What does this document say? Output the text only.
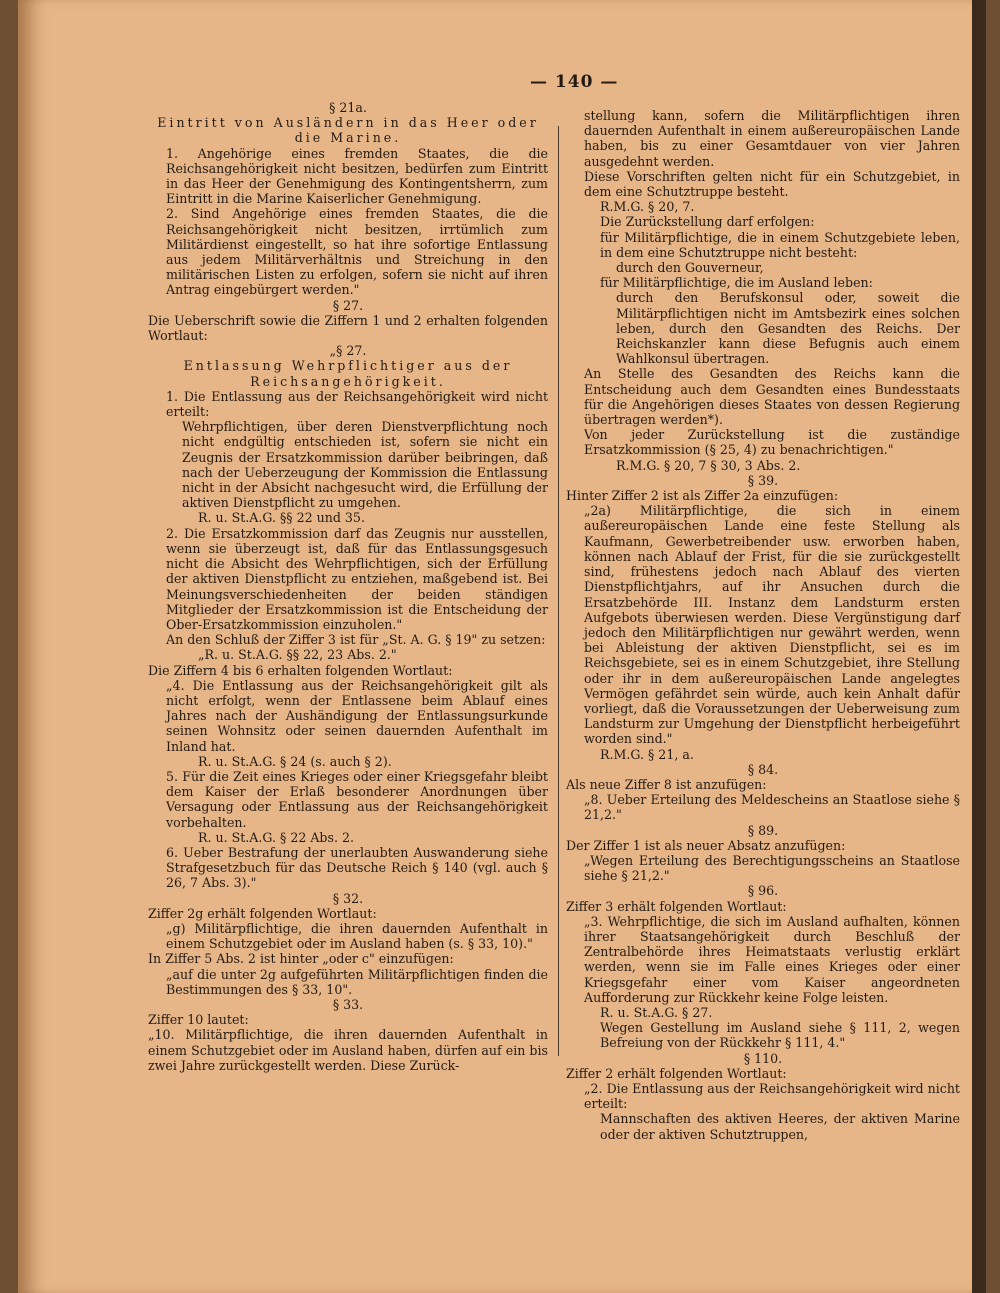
— 140 —

§ 21a.

Eintritt von Ausländern in das Heer oder die Marine.

1. Angehörige eines fremden Staates, die die Reichsangehörigkeit nicht besitzen, bedürfen zum Eintritt in das Heer der Genehmigung des Kontingentsherrn, zum Eintritt in die Marine Kaiserlicher Genehmigung.

2. Sind Angehörige eines fremden Staates, die die Reichsangehörigkeit nicht besitzen, irrtümlich zum Militärdienst eingestellt, so hat ihre sofortige Entlassung aus jedem Militärverhältnis und Streichung in den militärischen Listen zu erfolgen, sofern sie nicht auf ihren Antrag eingebürgert werden."

§ 27.

Die Ueberschrift sowie die Ziffern 1 und 2 erhalten folgenden Wortlaut:

„§ 27.

Entlassung Wehrpflichtiger aus der Reichsangehörigkeit.

1. Die Entlassung aus der Reichsangehörigkeit wird nicht erteilt:

Wehrpflichtigen, über deren Dienstverpflichtung noch nicht endgültig entschieden ist, sofern sie nicht ein Zeugnis der Ersatzkommission darüber beibringen, daß nach der Ueberzeugung der Kommission die Entlassung nicht in der Absicht nachgesucht wird, die Erfüllung der aktiven Dienstpflicht zu umgehen.

R. u. St.A.G. §§ 22 und 35.

2. Die Ersatzkommission darf das Zeugnis nur ausstellen, wenn sie überzeugt ist, daß für das Entlassungsgesuch nicht die Absicht des Wehrpflichtigen, sich der Erfüllung der aktiven Dienstpflicht zu entziehen, maßgebend ist. Bei Meinungsverschiedenheiten der beiden ständigen Mitglieder der Ersatzkommission ist die Entscheidung der Ober-Ersatzkommission einzuholen."

An den Schluß der Ziffer 3 ist für „St. A. G. § 19" zu setzen:

„R. u. St.A.G. §§ 22, 23 Abs. 2."

Die Ziffern 4 bis 6 erhalten folgenden Wortlaut:

„4. Die Entlassung aus der Reichsangehörigkeit gilt als nicht erfolgt, wenn der Entlassene beim Ablauf eines Jahres nach der Aushändigung der Entlassungsurkunde seinen Wohnsitz oder seinen dauernden Aufenthalt im Inland hat.

R. u. St.A.G. § 24 (s. auch § 2).

5. Für die Zeit eines Krieges oder einer Kriegsgefahr bleibt dem Kaiser der Erlaß besonderer Anordnungen über Versagung oder Entlassung aus der Reichsangehörigkeit vorbehalten.

R. u. St.A.G. § 22 Abs. 2.

6. Ueber Bestrafung der unerlaubten Auswanderung siehe Strafgesetzbuch für das Deutsche Reich § 140 (vgl. auch § 26, 7 Abs. 3)."

§ 32.

Ziffer 2g erhält folgenden Wortlaut:

„g) Militärpflichtige, die ihren dauernden Aufenthalt in einem Schutzgebiet oder im Ausland haben (s. § 33, 10)."

In Ziffer 5 Abs. 2 ist hinter „oder c" einzufügen:

„auf die unter 2g aufgeführten Militärpflichtigen finden die Bestimmungen des § 33, 10".

§ 33.

Ziffer 10 lautet:

„10. Militärpflichtige, die ihren dauernden Aufenthalt in einem Schutzgebiet oder im Ausland haben, dürfen auf ein bis zwei Jahre zurückgestellt werden. Diese Zurück-

stellung kann, sofern die Militärpflichtigen ihren dauernden Aufenthalt in einem außereuropäischen Lande haben, bis zu einer Gesamtdauer von vier Jahren ausgedehnt werden.

Diese Vorschriften gelten nicht für ein Schutzgebiet, in dem eine Schutztruppe besteht.

R.M.G. § 20, 7.

Die Zurückstellung darf erfolgen:

für Militärpflichtige, die in einem Schutzgebiete leben, in dem eine Schutztruppe nicht besteht:

durch den Gouverneur,

für Militärpflichtige, die im Ausland leben:

durch den Berufskonsul oder, soweit die Militärpflichtigen nicht im Amtsbezirk eines solchen leben, durch den Gesandten des Reichs. Der Reichskanzler kann diese Befugnis auch einem Wahlkonsul übertragen.

An Stelle des Gesandten des Reichs kann die Entscheidung auch dem Gesandten eines Bundesstaats für die Angehörigen dieses Staates von dessen Regierung übertragen werden*).

Von jeder Zurückstellung ist die zuständige Ersatzkommission (§ 25, 4) zu benachrichtigen."

R.M.G. § 20, 7 § 30, 3 Abs. 2.

§ 39.

Hinter Ziffer 2 ist als Ziffer 2a einzufügen:

„2a) Militärpflichtige, die sich in einem außereuropäischen Lande eine feste Stellung als Kaufmann, Gewerbetreibender usw. erworben haben, können nach Ablauf der Frist, für die sie zurückgestellt sind, frühestens jedoch nach Ablauf des vierten Dienstpflichtjahrs, auf ihr Ansuchen durch die Ersatzbehörde III. Instanz dem Landsturm ersten Aufgebots überwiesen werden. Diese Vergünstigung darf jedoch den Militärpflichtigen nur gewährt werden, wenn bei Ableistung der aktiven Dienstpflicht, sei es im Reichsgebiete, sei es in einem Schutzgebiet, ihre Stellung oder ihr in dem außereuropäischen Lande angelegtes Vermögen gefährdet sein würde, auch kein Anhalt dafür vorliegt, daß die Voraussetzungen der Ueberweisung zum Landsturm zur Umgehung der Dienstpflicht herbeigeführt worden sind."

R.M.G. § 21, a.

§ 84.

Als neue Ziffer 8 ist anzufügen:

„8. Ueber Erteilung des Meldescheins an Staatlose siehe § 21,2."

§ 89.

Der Ziffer 1 ist als neuer Absatz anzufügen:

„Wegen Erteilung des Berechtigungsscheins an Staatlose siehe § 21,2."

§ 96.

Ziffer 3 erhält folgenden Wortlaut:

„3. Wehrpflichtige, die sich im Ausland aufhalten, können ihrer Staatsangehörigkeit durch Beschluß der Zentralbehörde ihres Heimatstaats verlustig erklärt werden, wenn sie im Falle eines Krieges oder einer Kriegsgefahr einer vom Kaiser angeordneten Aufforderung zur Rückkehr keine Folge leisten.

R. u. St.A.G. § 27.

Wegen Gestellung im Ausland siehe § 111, 2, wegen Befreiung von der Rückkehr § 111, 4."

§ 110.

Ziffer 2 erhält folgenden Wortlaut:

„2. Die Entlassung aus der Reichsangehörigkeit wird nicht erteilt:

Mannschaften des aktiven Heeres, der aktiven Marine oder der aktiven Schutztruppen,
